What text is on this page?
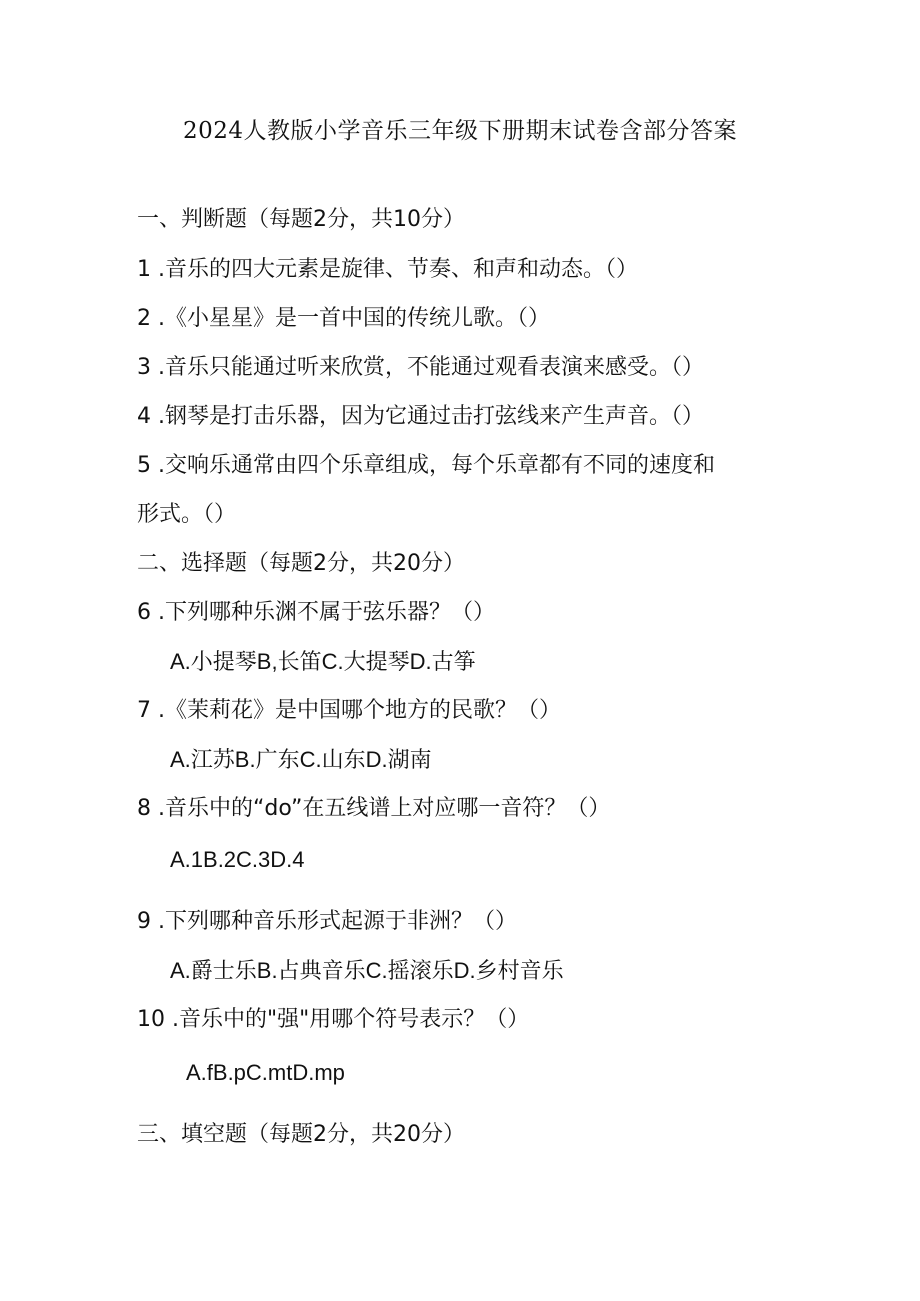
2024人教版小学音乐三年级下册期末试卷含部分答案
一、判断题（每题2分，共10分）
1 .音乐的四大元素是旋律、节奏、和声和动态。（）
2 .《小星星》是一首中国的传统儿歌。（）
3 .音乐只能通过听来欣赏，不能通过观看表演来感受。（）
4 .钢琴是打击乐器，因为它通过击打弦线来产生声音。（）
5 .交响乐通常由四个乐章组成，每个乐章都有不同的速度和
形式。（）
二、选择题（每题2分，共20分）
6 .下列哪种乐渊不属于弦乐器？（）
A.小提琴B,长笛C.大提琴D.古筝
7 .《茉莉花》是中国哪个地方的民歌？（）
A.江苏B.广东C.山东D.湖南
8 .音乐中的“do”在五线谱上对应哪一音符？（）
A.1B.2C.3D.4
9 .下列哪种音乐形式起源于非洲？（）
A.爵士乐B.占典音乐C.摇滚乐D.乡村音乐
10 .音乐中的"强"用哪个符号表示？（）
A.fB.pC.mtD.mp
三、填空题（每题2分，共20分）
